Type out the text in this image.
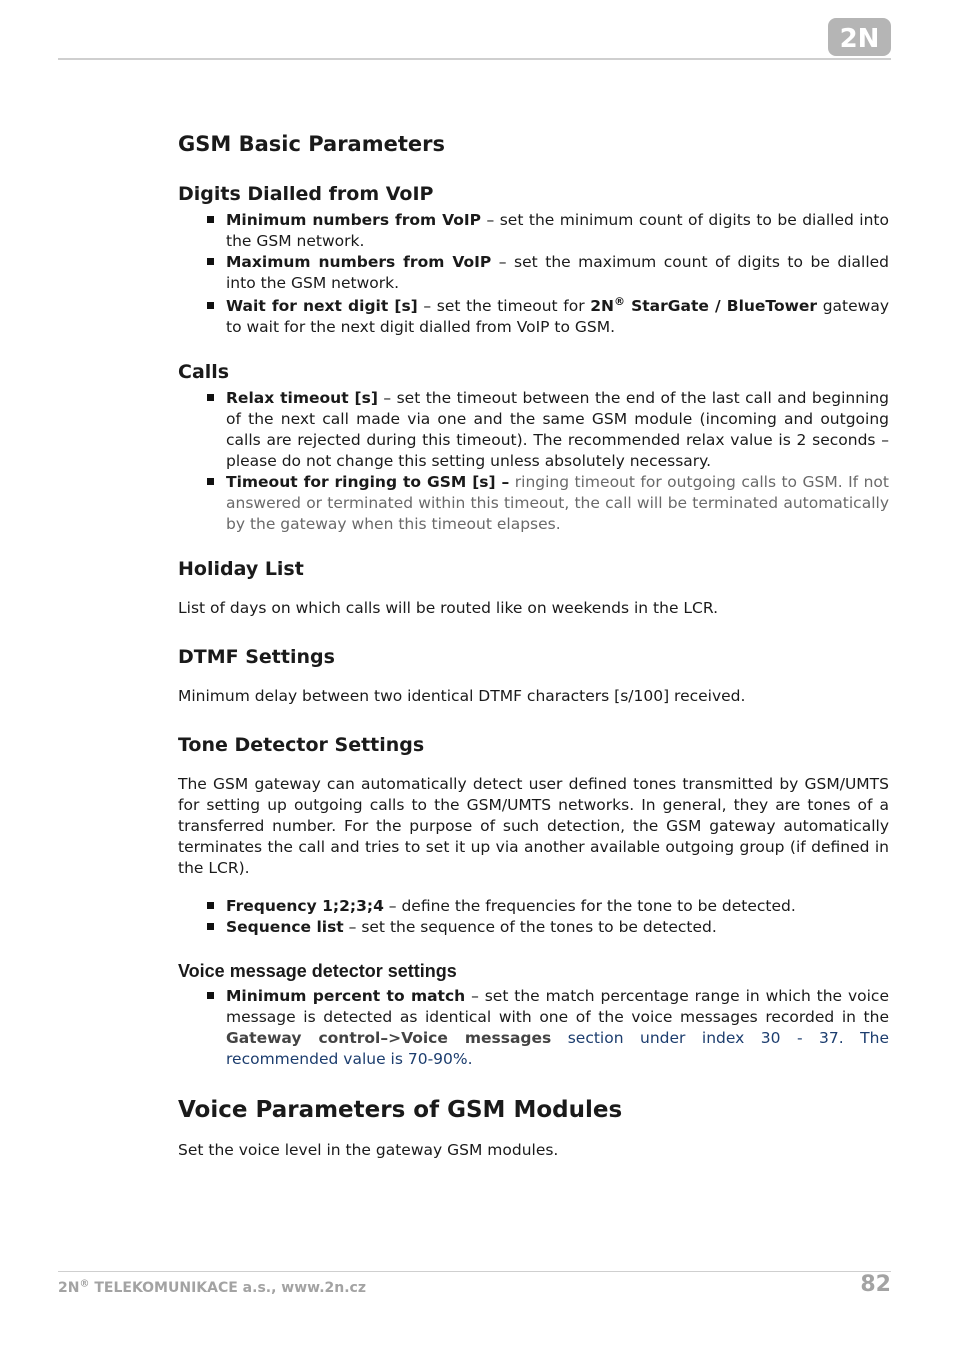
2N
GSM Basic Parameters
Digits Dialled from VoIP
Minimum numbers from VoIP – set the minimum count of digits to be dialled into the GSM network.
Maximum numbers from VoIP – set the maximum count of digits to be dialled into the GSM network.
Wait for next digit [s] – set the timeout for 2N® StarGate / BlueTower gateway to wait for the next digit dialled from VoIP to GSM.
Calls
Relax timeout [s] – set the timeout between the end of the last call and beginning of the next call made via one and the same GSM module (incoming and outgoing calls are rejected during this timeout). The recommended relax value is 2 seconds – please do not change this setting unless absolutely necessary.
Timeout for ringing to GSM [s] – ringing timeout for outgoing calls to GSM. If not answered or terminated within this timeout, the call will be terminated automatically by the gateway when this timeout elapses.
Holiday List

List of days on which calls will be routed like on weekends in the LCR.

DTMF Settings

Minimum delay between two identical DTMF characters [s/100] received.

Tone Detector Settings

The GSM gateway can automatically detect user defined tones transmitted by GSM/UMTS for setting up outgoing calls to the GSM/UMTS networks. In general, they are tones of a transferred number. For the purpose of such detection, the GSM gateway automatically terminates the call and tries to set it up via another available outgoing group (if defined in the LCR).

Frequency 1;2;3;4 – define the frequencies for the tone to be detected.
Sequence list – set the sequence of the tones to be detected.
Voice message detector settings
Minimum percent to match – set the match percentage range in which the voice message is detected as identical with one of the voice messages recorded in the Gateway control–>Voice messages section under index 30 - 37. The recommended value is 70-90%.
Voice Parameters of GSM Modules

Set the voice level in the gateway GSM modules.

2N® TELEKOMUNIKACE a.s., www.2n.cz	82
